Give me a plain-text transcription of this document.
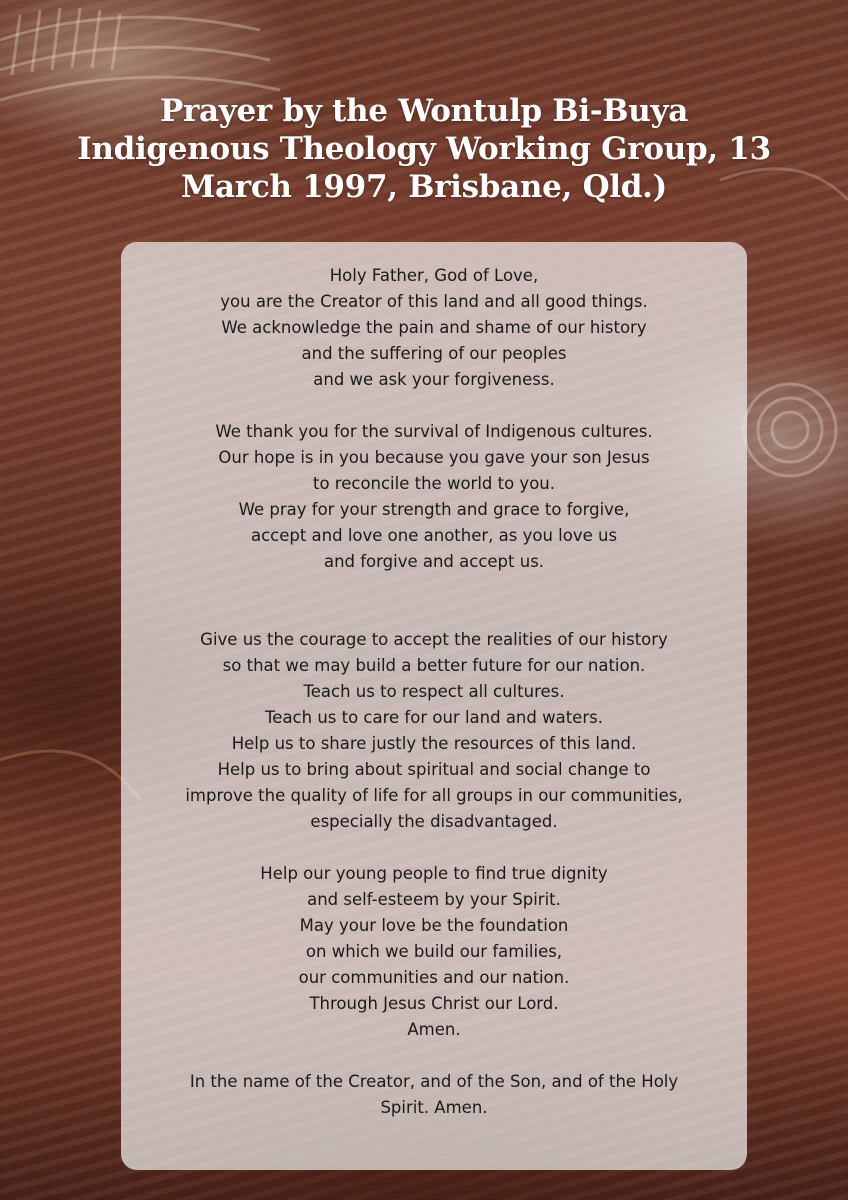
Prayer by the Wontulp Bi-Buya
Indigenous Theology Working Group, 13
March 1997, Brisbane, Qld.)
Holy Father, God of Love,
you are the Creator of this land and all good things.
We acknowledge the pain and shame of our history
and the suffering of our peoples
and we ask your forgiveness.
We thank you for the survival of Indigenous cultures.
Our hope is in you because you gave your son Jesus
to reconcile the world to you.
We pray for your strength and grace to forgive,
accept and love one another, as you love us
and forgive and accept us.
Give us the courage to accept the realities of our history
so that we may build a better future for our nation.
Teach us to respect all cultures.
Teach us to care for our land and waters.
Help us to share justly the resources of this land.
Help us to bring about spiritual and social change to
improve the quality of life for all groups in our communities,
especially the disadvantaged.
Help our young people to find true dignity
and self-esteem by your Spirit.
May your love be the foundation
on which we build our families,
our communities and our nation.
Through Jesus Christ our Lord.
Amen.
In the name of the Creator, and of the Son, and of the Holy
Spirit. Amen.
